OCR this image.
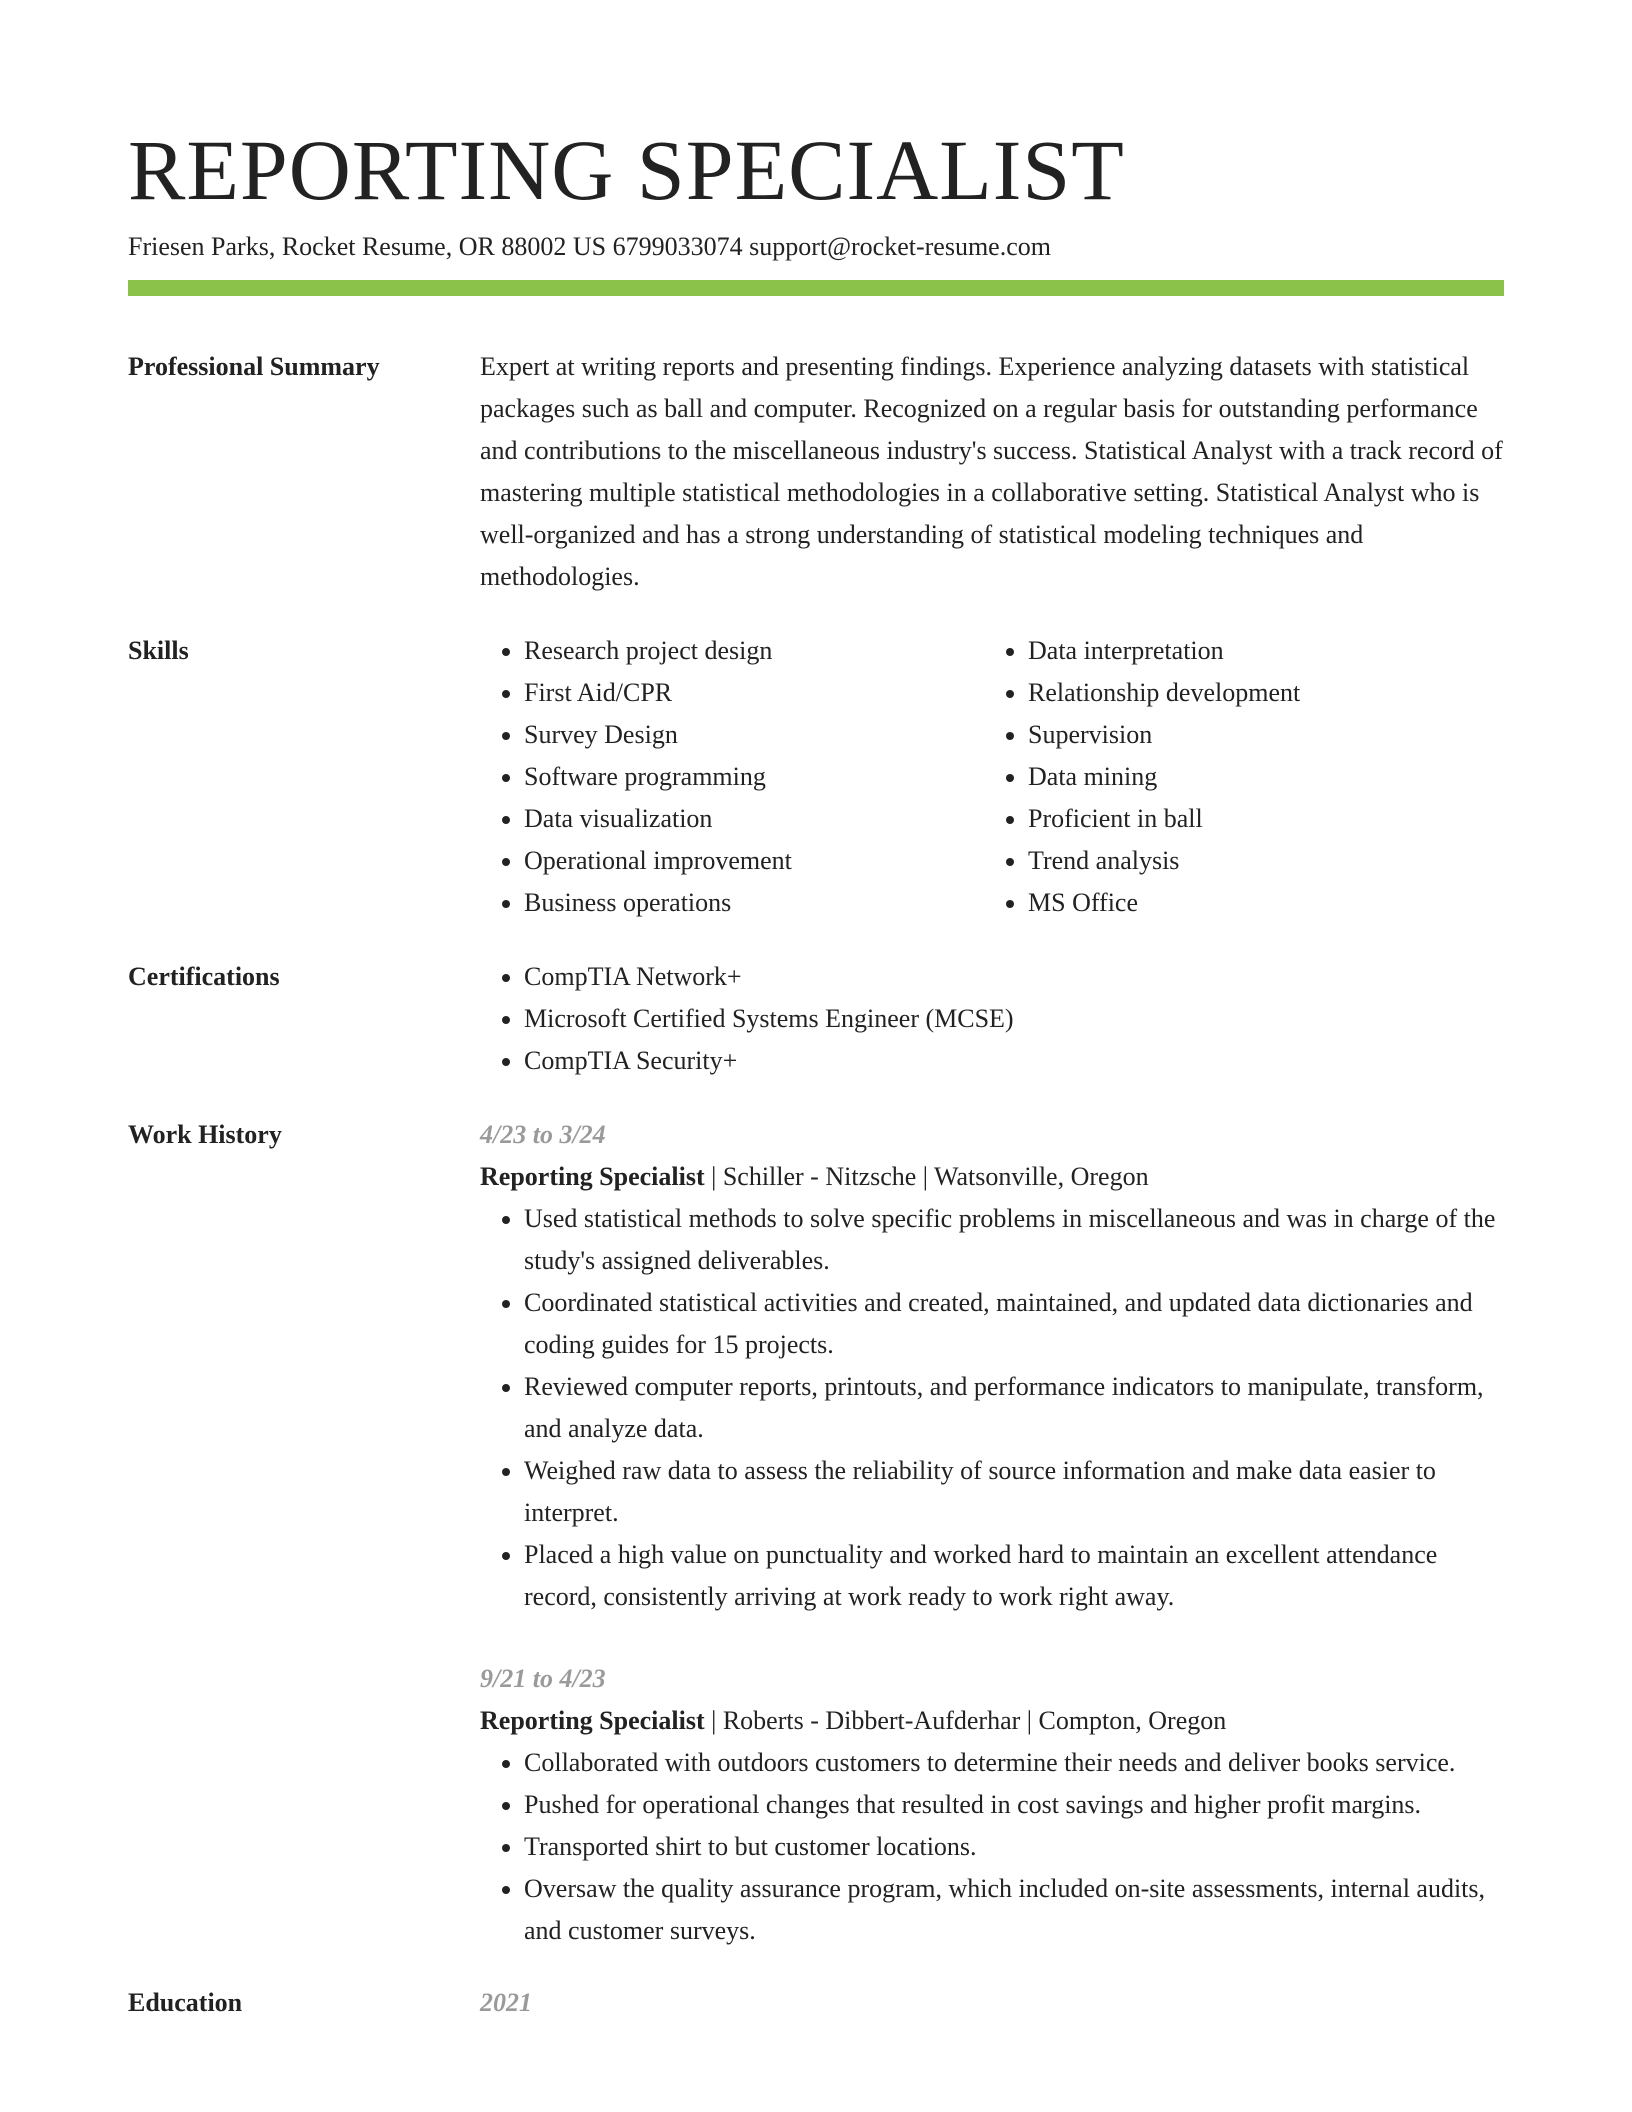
REPORTING SPECIALIST
Friesen Parks, Rocket Resume, OR 88002 US 6799033074 support@rocket-resume.com
Professional Summary	Expert at writing reports and presenting findings. Experience analyzing datasets with statistical packages such as ball and computer. Recognized on a regular basis for outstanding performance and contributions to the miscellaneous industry's success. Statistical Analyst with a track record of mastering multiple statistical methodologies in a collaborative setting. Statistical Analyst who is well-organized and has a strong understanding of statistical modeling techniques and methodologies.
Skills	• Research project design
• First Aid/CPR
• Survey Design
• Software programming
• Data visualization
• Operational improvement
• Business operations
• Data interpretation
• Relationship development
• Supervision
• Data mining
• Proficient in ball
• Trend analysis
• MS Office
Certifications	• CompTIA Network+
• Microsoft Certified Systems Engineer (MCSE)
• CompTIA Security+
Work History	4/23 to 3/24
Reporting Specialist | Schiller - Nitzsche | Watsonville, Oregon
• Used statistical methods to solve specific problems in miscellaneous and was in charge of the study's assigned deliverables.
• Coordinated statistical activities and created, maintained, and updated data dictionaries and coding guides for 15 projects.
• Reviewed computer reports, printouts, and performance indicators to manipulate, transform, and analyze data.
• Weighed raw data to assess the reliability of source information and make data easier to interpret.
• Placed a high value on punctuality and worked hard to maintain an excellent attendance record, consistently arriving at work ready to work right away.
9/21 to 4/23
Reporting Specialist | Roberts - Dibbert-Aufderhar | Compton, Oregon
• Collaborated with outdoors customers to determine their needs and deliver books service.
• Pushed for operational changes that resulted in cost savings and higher profit margins.
• Transported shirt to but customer locations.
• Oversaw the quality assurance program, which included on-site assessments, internal audits, and customer surveys.
Education	2021
